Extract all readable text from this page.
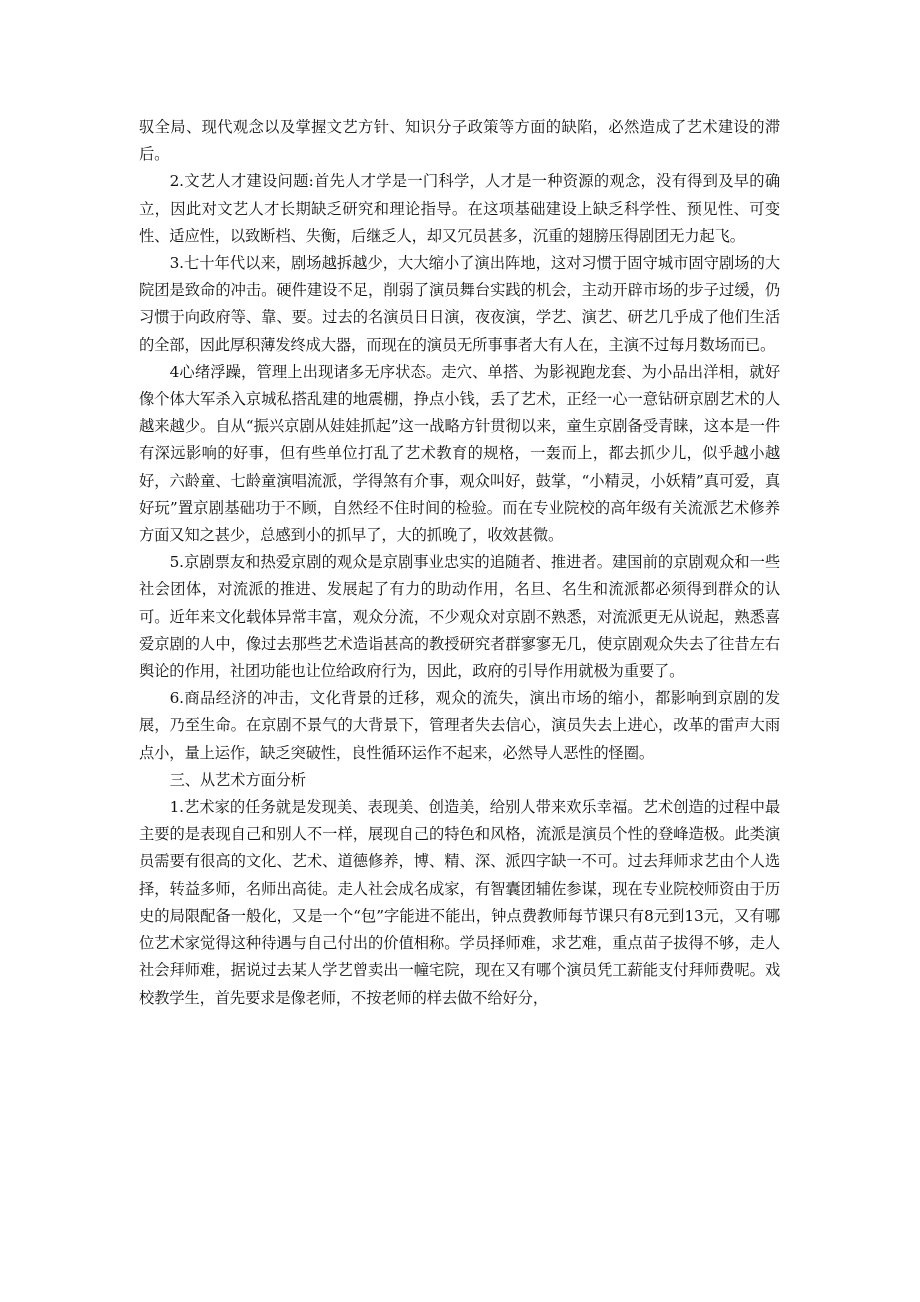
驭全局、现代观念以及掌握文艺方针、知识分子政策等方面的缺陷，必然造成了艺术建设的滞后。

2.文艺人才建设问题:首先人才学是一门科学，人才是一种资源的观念，没有得到及早的确立，因此对文艺人才长期缺乏研究和理论指导。在这项基础建设上缺乏科学性、预见性、可变性、适应性，以致断档、失衡，后继乏人，却又冗员甚多，沉重的翅膀压得剧团无力起飞。

3.七十年代以来，剧场越拆越少，大大缩小了演出阵地，这对习惯于固守城市固守剧场的大院团是致命的冲击。硬件建设不足，削弱了演员舞台实践的机会，主动开辟市场的步子过缓，仍习惯于向政府等、靠、要。过去的名演员日日演，夜夜演，学艺、演艺、研艺几乎成了他们生活的全部，因此厚积薄发终成大器，而现在的演员无所事事者大有人在，主演不过每月数场而已。

4心绪浮躁，管理上出现诸多无序状态。走穴、单搭、为影视跑龙套、为小品出洋相，就好像个体大军杀入京城私搭乱建的地震棚，挣点小钱，丢了艺术，正经一心一意钻研京剧艺术的人越来越少。自从“振兴京剧从娃娃抓起”这一战略方针贯彻以来，童生京剧备受青睐，这本是一件有深远影响的好事，但有些单位打乱了艺术教育的规格，一轰而上，都去抓少儿，似乎越小越好，六龄童、七龄童演唱流派，学得煞有介事，观众叫好，鼓掌，“小精灵，小妖精”真可爱，真好玩”置京剧基础功于不顾，自然经不住时间的检验。而在专业院校的高年级有关流派艺术修养方面又知之甚少，总感到小的抓早了，大的抓晚了，收效甚微。

5.京剧票友和热爱京剧的观众是京剧事业忠实的追随者、推进者。建国前的京剧观众和一些社会团体，对流派的推进、发展起了有力的助动作用，名旦、名生和流派都必须得到群众的认可。近年来文化载体异常丰富，观众分流，不少观众对京剧不熟悉，对流派更无从说起，熟悉喜爱京剧的人中，像过去那些艺术造诣甚高的教授研究者群寥寥无几，使京剧观众失去了往昔左右舆论的作用，社团功能也让位给政府行为，因此，政府的引导作用就极为重要了。

6.商品经济的冲击，文化背景的迁移，观众的流失，演出市场的缩小，都影响到京剧的发展，乃至生命。在京剧不景气的大背景下，管理者失去信心，演员失去上进心，改革的雷声大雨点小，量上运作，缺乏突破性，良性循环运作不起来，必然导人恶性的怪圈。

三、从艺术方面分析

1.艺术家的任务就是发现美、表现美、创造美，给别人带来欢乐幸福。艺术创造的过程中最主要的是表现自己和别人不一样，展现自己的特色和风格，流派是演员个性的登峰造极。此类演员需要有很高的文化、艺术、道德修养，博、精、深、派四字缺一不可。过去拜师求艺由个人选择，转益多师，名师出高徒。走人社会成名成家，有智囊团辅佐参谋，现在专业院校师资由于历史的局限配备一般化，又是一个“包”字能进不能出，钟点费教师每节课只有8元到13元，又有哪位艺术家觉得这种待遇与自己付出的价值相称。学员择师难，求艺难，重点苗子拔得不够，走人社会拜师难，据说过去某人学艺曾卖出一幢宅院，现在又有哪个演员凭工薪能支付拜师费呢。戏校教学生，首先要求是像老师，不按老师的样去做不给好分，
